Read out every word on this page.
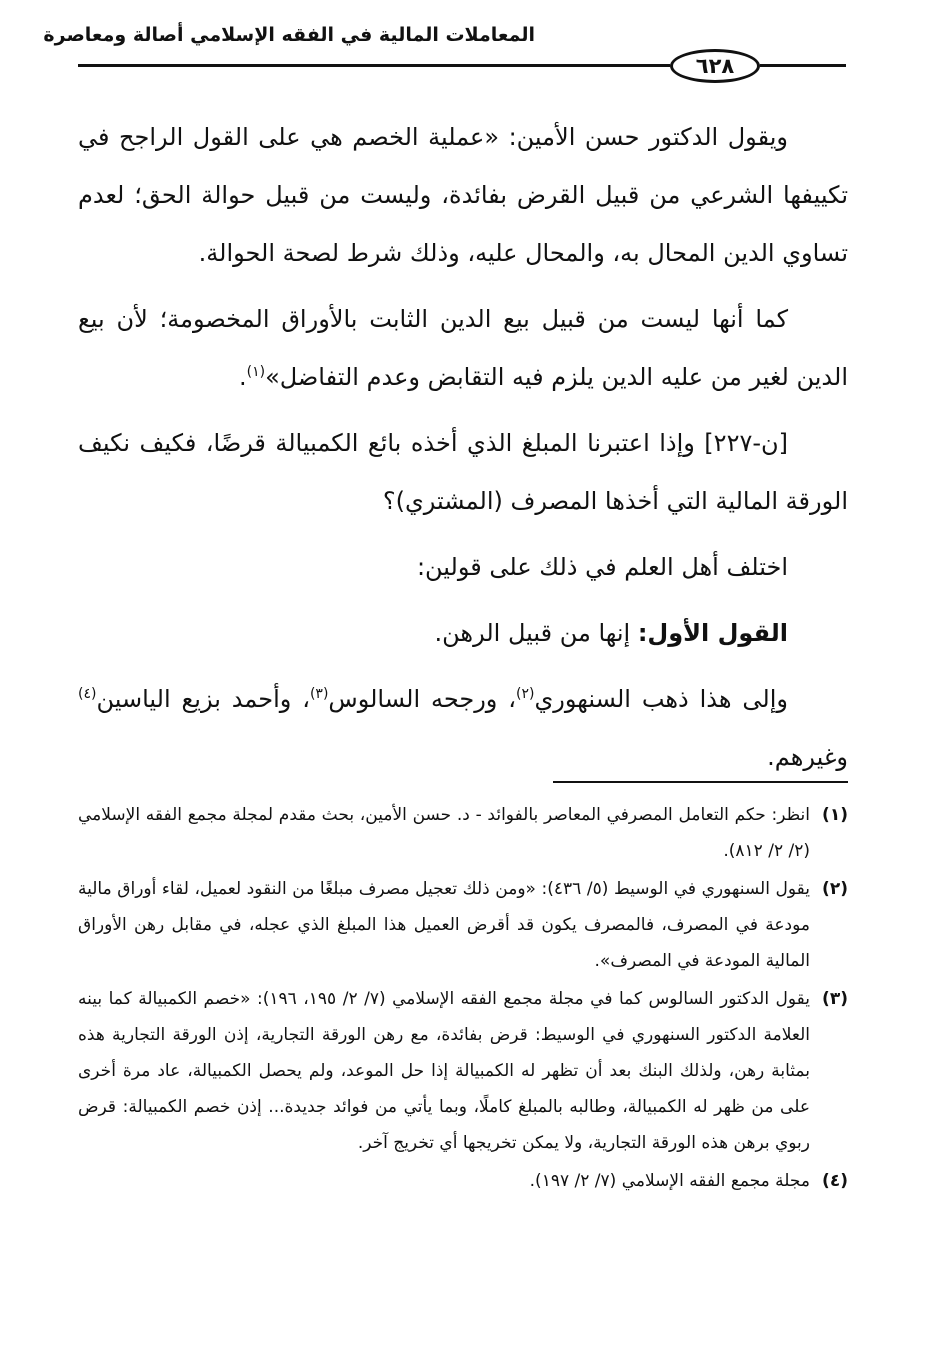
المعاملات المالية في الفقه الإسلامي أصالة ومعاصرة
٦٢٨

ويقول الدكتور حسن الأمين: «عملية الخصم هي على القول الراجح في تكييفها الشرعي من قبيل القرض بفائدة، وليست من قبيل حوالة الحق؛ لعدم تساوي الدين المحال به، والمحال عليه، وذلك شرط لصحة الحوالة.

كما أنها ليست من قبيل بيع الدين الثابت بالأوراق المخصومة؛ لأن بيع الدين لغير من عليه الدين يلزم فيه التقابض وعدم التفاضل»$^{(١)}$.

[ن-٢٢٧] وإذا اعتبرنا المبلغ الذي أخذه بائع الكمبيالة قرضًا، فكيف نكيف الورقة المالية التي أخذها المصرف (المشتري)؟

اختلف أهل العلم في ذلك على قولين:

القول الأول: إنها من قبيل الرهن.

وإلى هذا ذهب السنهوري$^{(٢)}$، ورجحه السالوس$^{(٣)}$، وأحمد بزيع الياسين$^{(٤)}$ وغيرهم.

(١)
انظر: حكم التعامل المصرفي المعاصر بالفوائد - د. حسن الأمين، بحث مقدم لمجلة مجمع الفقه الإسلامي (٢/ ٢/ ٨١٢).
(٢)
يقول السنهوري في الوسيط (٥/ ٤٣٦): «ومن ذلك تعجيل مصرف مبلغًا من النقود لعميل، لقاء أوراق مالية مودعة في المصرف، فالمصرف يكون قد أقرض العميل هذا المبلغ الذي عجله، في مقابل رهن الأوراق المالية المودعة في المصرف».
(٣)
يقول الدكتور السالوس كما في مجلة مجمع الفقه الإسلامي (٧/ ٢/ ١٩٥، ١٩٦): «خصم الكمبيالة كما بينه العلامة الدكتور السنهوري في الوسيط: قرض بفائدة، مع رهن الورقة التجارية، إذن الورقة التجارية هذه بمثابة رهن، ولذلك البنك بعد أن تظهر له الكمبيالة إذا حل الموعد، ولم يحصل الكمبيالة، عاد مرة أخرى على من ظهر له الكمبيالة، وطالبه بالمبلغ كاملًا، وبما يأتي من فوائد جديدة... إذن خصم الكمبيالة: قرض ربوي برهن هذه الورقة التجارية، ولا يمكن تخريجها أي تخريج آخر.
(٤)
مجلة مجمع الفقه الإسلامي (٧/ ٢/ ١٩٧).
